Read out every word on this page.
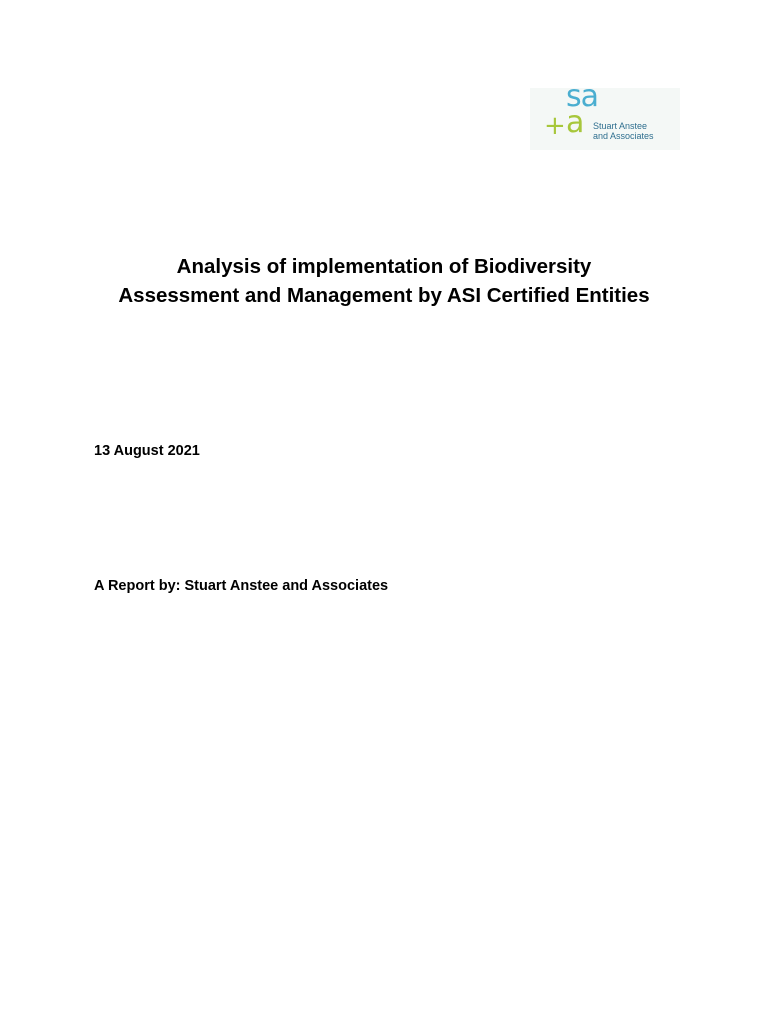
sa
+ a Stuart Anstee
and Associates
Analysis of implementation of Biodiversity
Assessment and Management by ASI Certified Entities
13 August 2021
A Report by: Stuart Anstee and Associates
